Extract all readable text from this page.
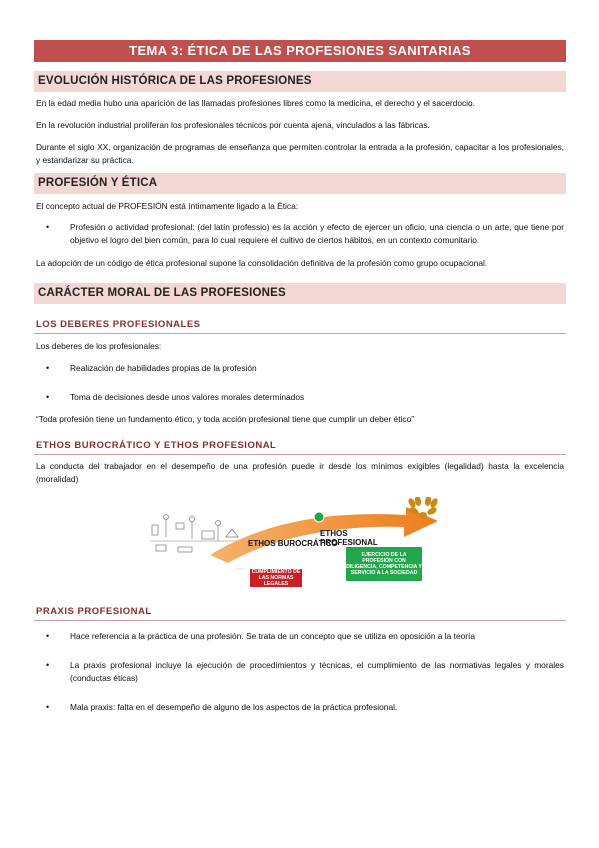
TEMA 3: ÉTICA DE LAS PROFESIONES SANITARIAS
EVOLUCIÓN HISTÓRICA DE LAS PROFESIONES

En la edad media hubo una aparición de las llamadas profesiones libres como la medicina, el derecho y el sacerdocio.

En la revolución industrial proliferan los profesionales técnicos por cuenta ajena, vinculados a las fábricas.

Durante el siglo XX, organización de programas de enseñanza que permiten controlar la entrada a la profesión, capacitar a los profesionales, y estandarizar su práctica.

PROFESIÓN Y ÉTICA

El concepto actual de PROFESIÓN está íntimamente ligado a la Ética:

• Profesión o actividad profesional: (del latín professio) es la acción y efecto de ejercer un oficio, una ciencia o un arte, que tiene por objetivo el logro del bien común, para lo cual requiere el cultivo de ciertos hábitos, en un contexto comunitario.

La adopción de un código de ética profesional supone la consolidación definitiva de la profesión como grupo ocupacional.

CARÁCTER MORAL DE LAS PROFESIONES
LOS DEBERES PROFESIONALES

Los deberes de los profesionales:

• Realización de habilidades propias de la profesión
• Toma de decisiones desde unos valores morales determinados

“Toda profesión tiene un fundamento ético, y toda acción profesional tiene que cumplir un deber ético”

ETHOS BUROCRÁTICO Y ETHOS PROFESIONAL

La conducta del trabajador en el desempeño de una profesión puede ir desde los mínimos exigibles (legalidad) hasta la excelencia (moralidad)

ETHOS BUROCRÁTICO
ETHOS PROFESIONAL
CUMPLIMIENTO DE LAS NORMAS LEGALES
EJERCICIO DE LA PROFESIÓN CON DILIGENCIA, COMPETENCIA Y SERVICIO A LA SOCIEDAD
PRAXIS PROFESIONAL
• Hace referencia a la práctica de una profesión. Se trata de un concepto que se utiliza en oposición a la teoría
• La praxis profesional incluye la ejecución de procedimientos y técnicas, el cumplimiento de las normativas legales y morales (conductas éticas)
• Mala praxis: falta en el desempeño de alguno de los aspectos de la práctica profesional.
